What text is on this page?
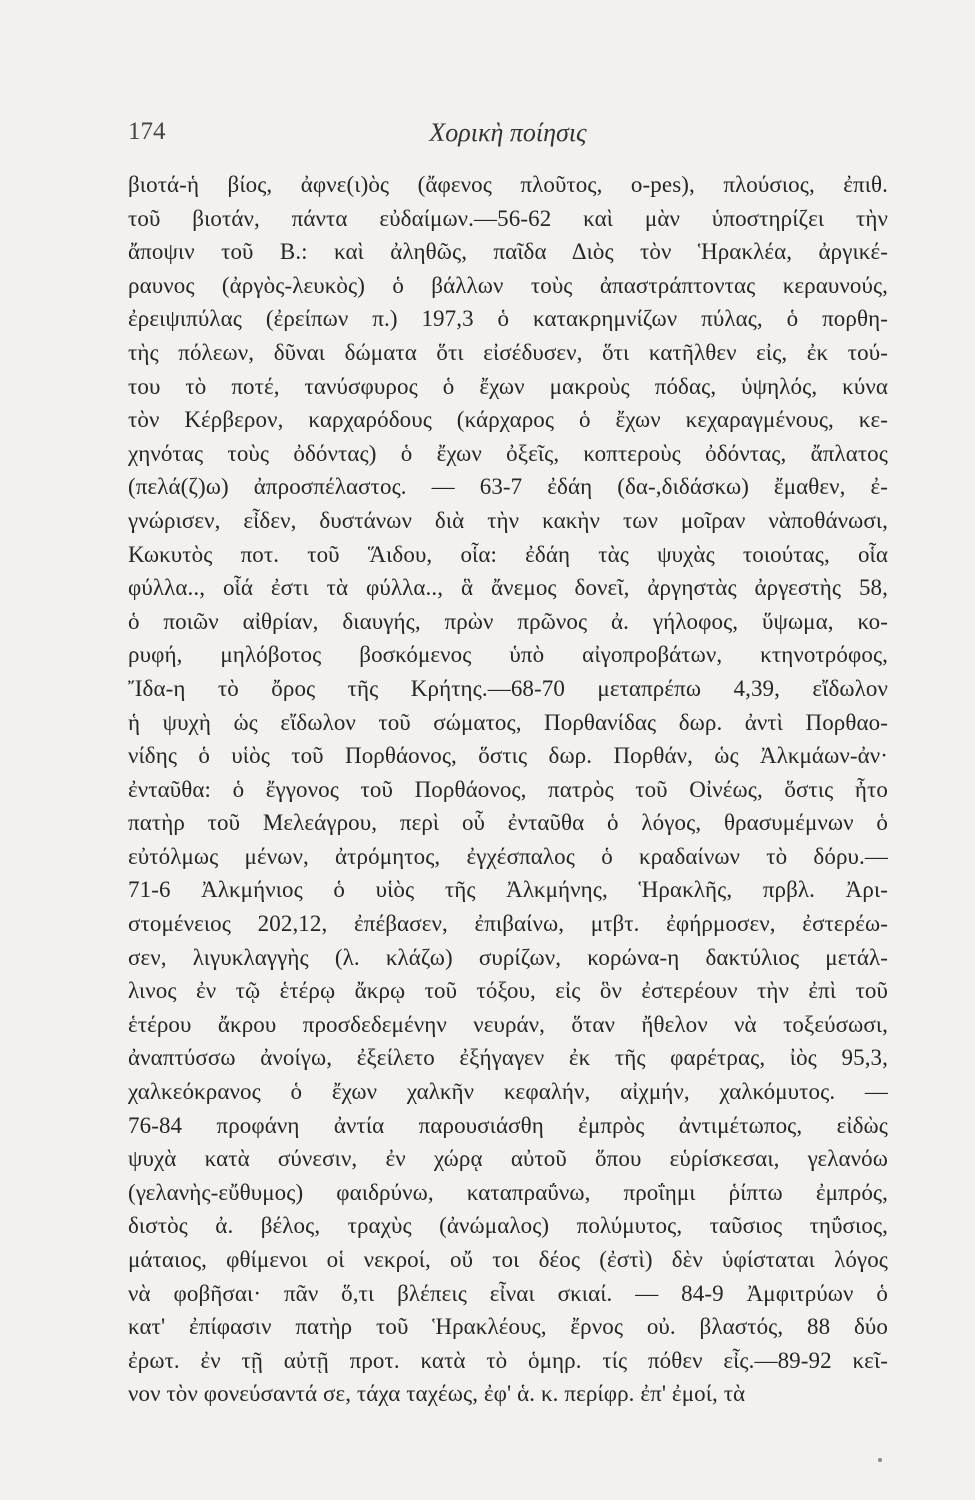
174	Χορικὴ ποίησις
βιοτά-ἡ βίος, ἀφνε(ι)ὸς (ἄφενος πλοῦτος, o-pes), πλούσιος, ἐπιθ.
τοῦ βιοτάν, πάντα εὐδαίμων.—56-62 καὶ μὰν ὑποστηρίζει τὴν
ἄποψιν τοῦ Β.: καὶ ἀληθῶς, παῖδα Διὸς τὸν Ἡρακλέα, ἀργικέ-
ραυνος (ἀργὸς-λευκὸς) ὁ βάλλων τοὺς ἀπαστράπτοντας κεραυνούς,
ἐρειψιπύλας (ἐρείπων π.) 197,3 ὁ κατακρημνίζων πύλας, ὁ πορθη-
τὴς πόλεων, δῦναι δώματα ὅτι εἰσέδυσεν, ὅτι κατῆλθεν εἰς, ἐκ τού-
του τὸ ποτέ, τανύσφυρος ὁ ἔχων μακροὺς πόδας, ὑψηλός, κύνα
τὸν Κέρβερον, καρχαρόδους (κάρχαρος ὁ ἔχων κεχαραγμένους, κε-
χηνότας τοὺς ὀδόντας) ὁ ἔχων ὀξεῖς, κοπτεροὺς ὀδόντας, ἄπλατος
(πελά(ζ)ω) ἀπροσπέλαστος. — 63-7 ἐδάη (δα-,διδάσκω) ἔμαθεν, ἐ-
γνώρισεν, εἶδεν, δυστάνων διὰ τὴν κακὴν των μοῖραν νὰποθάνωσι,
Κωκυτὸς ποτ. τοῦ Ἅιδου, οἷα: ἐδάη τὰς ψυχὰς τοιούτας, οἷα
φύλλα.., οἷά ἐστι τὰ φύλλα.., ἃ ἄνεμος δονεῖ, ἀργηστὰς ἀργεστὴς 58,
ὁ ποιῶν αἰθρίαν, διαυγής, πρὼν πρῶνος ἀ. γήλοφος, ὕψωμα, κο-
ρυφή, μηλόβοτος βοσκόμενος ὑπὸ αἰγοπροβάτων, κτηνοτρόφος,
Ἴδα-η τὸ ὄρος τῆς Κρήτης.—68-70 μεταπρέπω 4,39, εἴδωλον
ἡ ψυχὴ ὡς εἴδωλον τοῦ σώματος, Πορθανίδας δωρ. ἀντὶ Πορθαο-
νίδης ὁ υἱὸς τοῦ Πορθάονος, ὅστις δωρ. Πορθάν, ὡς Ἀλκμάων-ἀν·
ἐνταῦθα: ὁ ἔγγονος τοῦ Πορθάονος, πατρὸς τοῦ Οἰνέως, ὅστις ἦτο
πατὴρ τοῦ Μελεάγρου, περὶ οὗ ἐνταῦθα ὁ λόγος, θρασυμέμνων ὁ
εὐτόλμως μένων, ἀτρόμητος, ἐγχέσπαλος ὁ κραδαίνων τὸ δόρυ.—
71-6 Ἀλκμήνιος ὁ υἱὸς τῆς Ἀλκμήνης, Ἡρακλῆς, πρβλ. Ἀρι-
στομένειος 202,12, ἐπέβασεν, ἐπιβαίνω, μτβτ. ἐφήρμοσεν, ἐστερέω-
σεν, λιγυκλαγγὴς (λ. κλάζω) συρίζων, κορώνα-η δακτύλιος μετάλ-
λινος ἐν τῷ ἑτέρῳ ἄκρῳ τοῦ τόξου, εἰς ὃν ἐστερέουν τὴν ἐπὶ τοῦ
ἑτέρου ἄκρου προσδεδεμένην νευράν, ὅταν ἤθελον νὰ τοξεύσωσι,
ἀναπτύσσω ἀνοίγω, ἐξείλετο ἐξήγαγεν ἐκ τῆς φαρέτρας, ἰὸς 95,3,
χαλκεόκρανος ὁ ἔχων χαλκῆν κεφαλήν, αἰχμήν, χαλκόμυτος. —
76-84 προφάνη ἀντία παρουσιάσθη ἐμπρὸς ἀντιμέτωπος, εἰδὼς
ψυχὰ κατὰ σύνεσιν, ἐν χώρᾳ αὐτοῦ ὅπου εὑρίσκεσαι, γελανόω
(γελανὴς-εὔθυμος) φαιδρύνω, καταπραΰνω, προΐημι ῥίπτω ἐμπρός,
διστὸς ἀ. βέλος, τραχὺς (ἀνώμαλος) πολύμυτος, ταῦσιος τηΰσιος,
μάταιος, φθίμενοι οἱ νεκροί, οὔ τοι δέος (ἐστὶ) δὲν ὑφίσταται λόγος
νὰ φοβῆσαι· πᾶν ὅ,τι βλέπεις εἶναι σκιαί. — 84-9 Ἀμφιτρύων ὁ
κατ' ἐπίφασιν πατὴρ τοῦ Ἡρακλέους, ἔρνος οὐ. βλαστός, 88 δύο
ἐρωτ. ἐν τῇ αὐτῇ προτ. κατὰ τὸ ὁμηρ. τίς πόθεν εἶς.—89-92 κεῖ-
νον τὸν φονεύσαντά σε, τάχα ταχέως, ἐφ' ἁ. κ. περίφρ. ἐπ' ἐμοί, τὰ
